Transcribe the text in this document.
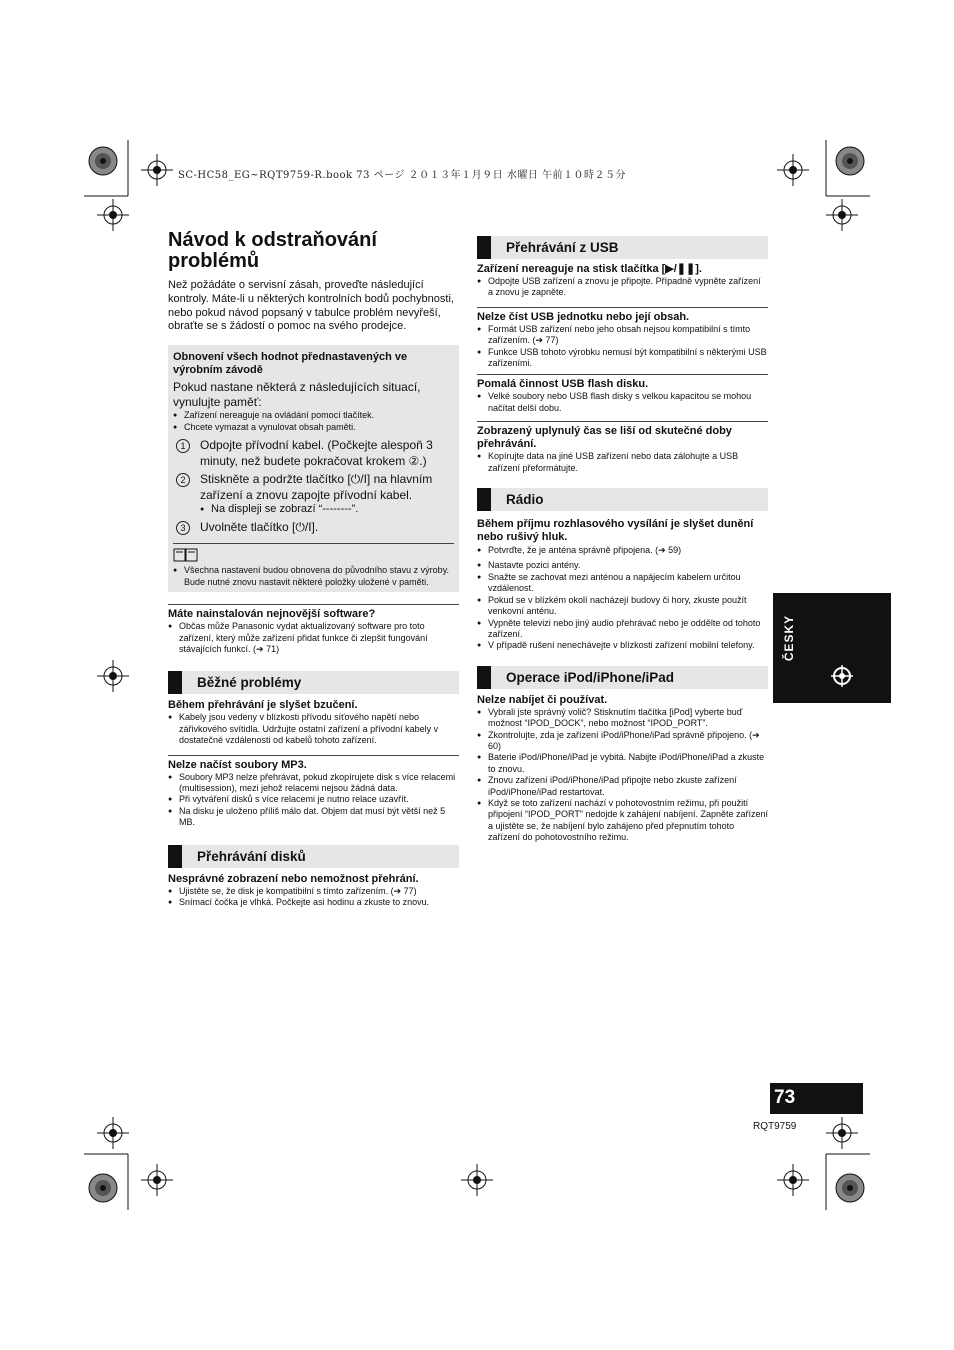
SC-HC58_EG~RQT9759-R.book 73 ページ ２０１３年１月９日 水曜日 午前１０時２５分
Návod k odstraňování problémů

Než požádáte o servisní zásah, proveďte následující kontroly. Máte-li u některých kontrolních bodů pochybnosti, nebo pokud návod popsaný v tabulce problém nevyřeší, obraťte se s žádostí o pomoc na svého prodejce.

Obnovení všech hodnot přednastavených ve výrobním závodě

Pokud nastane některá z následujících situací, vynulujte paměť:

● Zařízení nereaguje na ovládání pomocí tlačítek.

● Chcete vymazat a vynulovat obsah paměti.

1	Odpojte přívodní kabel. (Počkejte alespoň 3 minuty, než budete pokračovat krokem ②.)

2	Stiskněte a podržte tlačítko [⏻/I] na hlavním zařízení a znovu zapojte přívodní kabel.

● Na displeji se zobrazí “--------”.

3	Uvolněte tlačítko [⏻/I].

● Všechna nastavení budou obnovena do původního stavu z výroby. Bude nutné znovu nastavit některé položky uložené v paměti.

Máte nainstalován nejnovější software?

● Občas může Panasonic vydat aktualizovaný software pro toto zařízení, který může zařízení přidat funkce či zlepšit fungování stávajících funkcí. (➔ 71)

Běžné problémy

Během přehrávání je slyšet bzučení.

● Kabely jsou vedeny v blízkosti přívodu síťového napětí nebo zářivkového svítidla. Udržujte ostatní zařízení a přívodní kabely v dostatečné vzdálenosti od kabelů tohoto zařízení.

Nelze načíst soubory MP3.

● Soubory MP3 nelze přehrávat, pokud zkopírujete disk s více relacemi (multisession), mezi jehož relacemi nejsou žádná data.

● Při vytváření disků s více relacemi je nutno relace uzavřít.

● Na disku je uloženo příliš málo dat. Objem dat musí být větší než 5 MB.

Přehrávání disků

Nesprávné zobrazení nebo nemožnost přehrání.

● Ujistěte se, že disk je kompatibilní s tímto zařízením. (➔ 77)

● Snímací čočka je vlhká. Počkejte asi hodinu a zkuste to znovu.

Přehrávání z USB

Zařízení nereaguje na stisk tlačítka [▶/❚❚].

● Odpojte USB zařízení a znovu je připojte. Případně vypněte zařízení a znovu je zapněte.

Nelze číst USB jednotku nebo její obsah.

● Formát USB zařízení nebo jeho obsah nejsou kompatibilní s tímto zařízením. (➔ 77)

● Funkce USB tohoto výrobku nemusí být kompatibilní s některými USB zařízeními.

Pomalá činnost USB flash disku.

● Velké soubory nebo USB flash disky s velkou kapacitou se mohou načítat delší dobu.

Zobrazený uplynulý čas se liší od skutečné doby přehrávání.

● Kopírujte data na jiné USB zařízení nebo data zálohujte a USB zařízení přeformátujte.

Rádio

Během příjmu rozhlasového vysílání je slyšet dunění nebo rušivý hluk.

● Potvrďte, že je anténa správně připojena. (➔ 59)

● Nastavte pozici antény.

● Snažte se zachovat mezi anténou a napájecím kabelem určitou vzdálenost.

● Pokud se v blízkém okolí nacházejí budovy či hory, zkuste použít venkovní anténu.

● Vypněte televizi nebo jiný audio přehrávač nebo je oddělte od tohoto zařízení.

● V případě rušení nenechávejte v blízkosti zařízení mobilní telefony.

Operace iPod/iPhone/iPad

Nelze nabíjet či používat.

● Vybrali jste správný volič? Stisknutím tlačítka [iPod] vyberte buď možnost “IPOD_DOCK”, nebo možnost “IPOD_PORT”.

● Zkontrolujte, zda je zařízení iPod/iPhone/iPad správně připojeno. (➔ 60)

● Baterie iPod/iPhone/iPad je vybitá. Nabijte iPod/iPhone/iPad a zkuste to znovu.

● Znovu zařízení iPod/iPhone/iPad připojte nebo zkuste zařízení iPod/iPhone/iPad restartovat.

● Když se toto zařízení nachází v pohotovostním režimu, při použití připojení “IPOD_PORT” nedojde k zahájení nabíjení. Zapněte zařízení a ujistěte se, že nabíjení bylo zahájeno před přepnutím tohoto zařízení do pohotovostního režimu.

ČESKY
73
RQT9759
